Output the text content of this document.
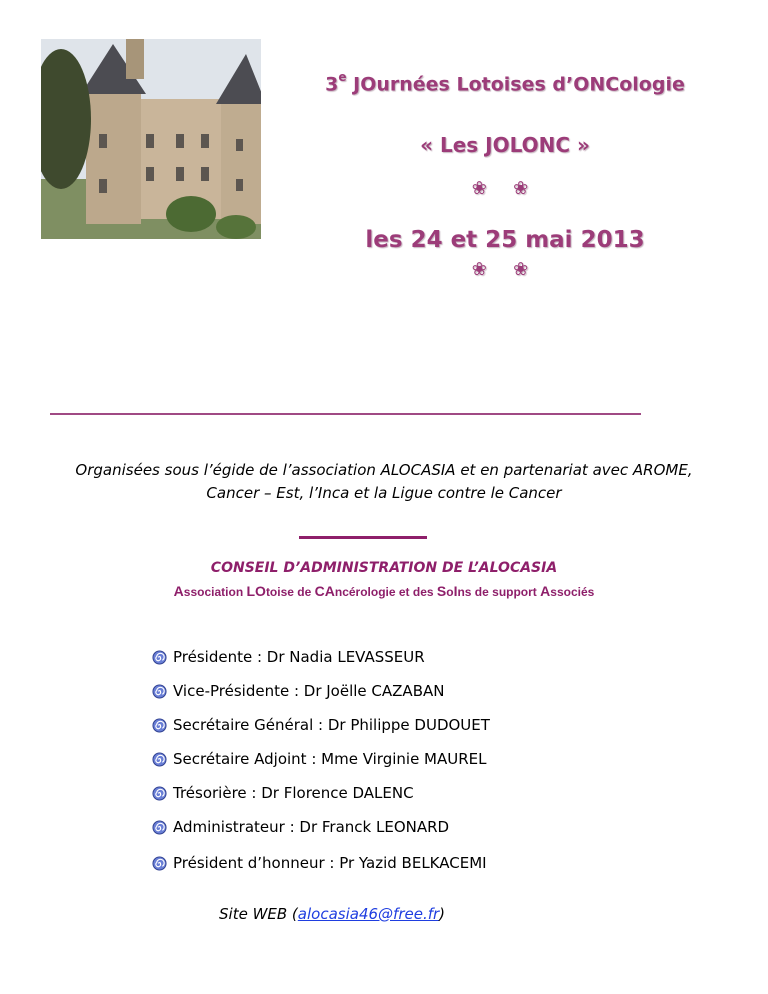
3e JOurnées Lotoises d’ONCologie
« Les JOLONC »
❀ ❀
les 24 et 25 mai 2013
❀ ❀
Organisées sous l’égide de l’association ALOCASIA et en partenariat avec AROME,
Cancer – Est, l’Inca et la Ligue contre le Cancer
CONSEIL D’ADMINISTRATION DE L’ALOCASIA
Association LOtoise de CAncérologie et des SoIns de support Associés
Présidente : Dr Nadia LEVASSEUR
Vice-Présidente : Dr Joëlle CAZABAN
Secrétaire Général : Dr Philippe DUDOUET
Secrétaire Adjoint : Mme Virginie MAUREL
Trésorière : Dr Florence DALENC
Administrateur : Dr Franck LEONARD
Président d’honneur : Pr Yazid BELKACEMI
Site WEB (alocasia46@free.fr)
